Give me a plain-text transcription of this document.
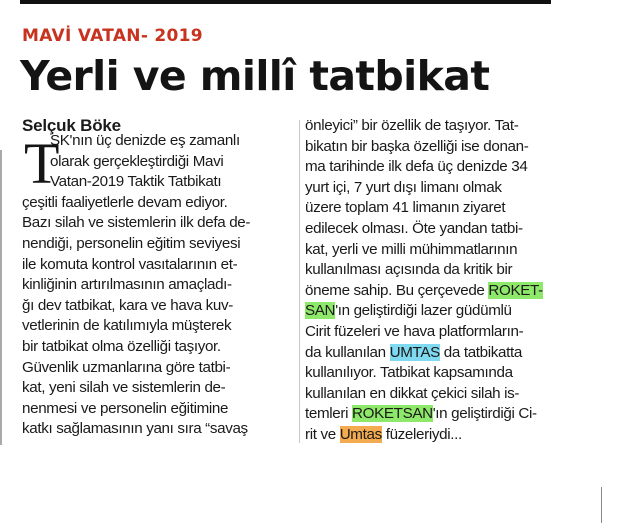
MAVİ VATAN- 2019
Yerli ve millî tatbikat
Selçuk Böke
T
SK'nın üç denizde eş zamanlı
olarak gerçekleştirdiği Mavi
Vatan-2019 Taktik Tatbikatı
çeşitli faaliyetlerle devam ediyor.
Bazı silah ve sistemlerin ilk defa de-
nendiği, personelin eğitim seviyesi
ile komuta kontrol vasıtalarının et-
kinliğinin artırılmasının amaçladı-
ğı dev tatbikat, kara ve hava kuv-
vetlerinin de katılımıyla müşterek
bir tatbikat olma özelliği taşıyor.
Güvenlik uzmanlarına göre tatbi-
kat, yeni silah ve sistemlerin de-
nenmesi ve personelin eğitimine
katkı sağlamasının yanı sıra “savaş
önleyici” bir özellik de taşıyor. Tat-
bikatın bir başka özelliği ise donan-
ma tarihinde ilk defa üç denizde 34
yurt içi, 7 yurt dışı limanı olmak
üzere toplam 41 limanın ziyaret
edilecek olması. Öte yandan tatbi-
kat, yerli ve milli mühimmatlarının
kullanılması açısında da kritik bir
öneme sahip. Bu çerçevede ROKET-
SAN'ın geliştirdiği lazer güdümlü
Cirit füzeleri ve hava platformların-
da kullanılan UMTAS da tatbikatta
kullanılıyor. Tatbikat kapsamında
kullanılan en dikkat çekici silah is-
temleri ROKETSAN'ın geliştirdiği Ci-
rit ve Umtas füzeleriydi...
